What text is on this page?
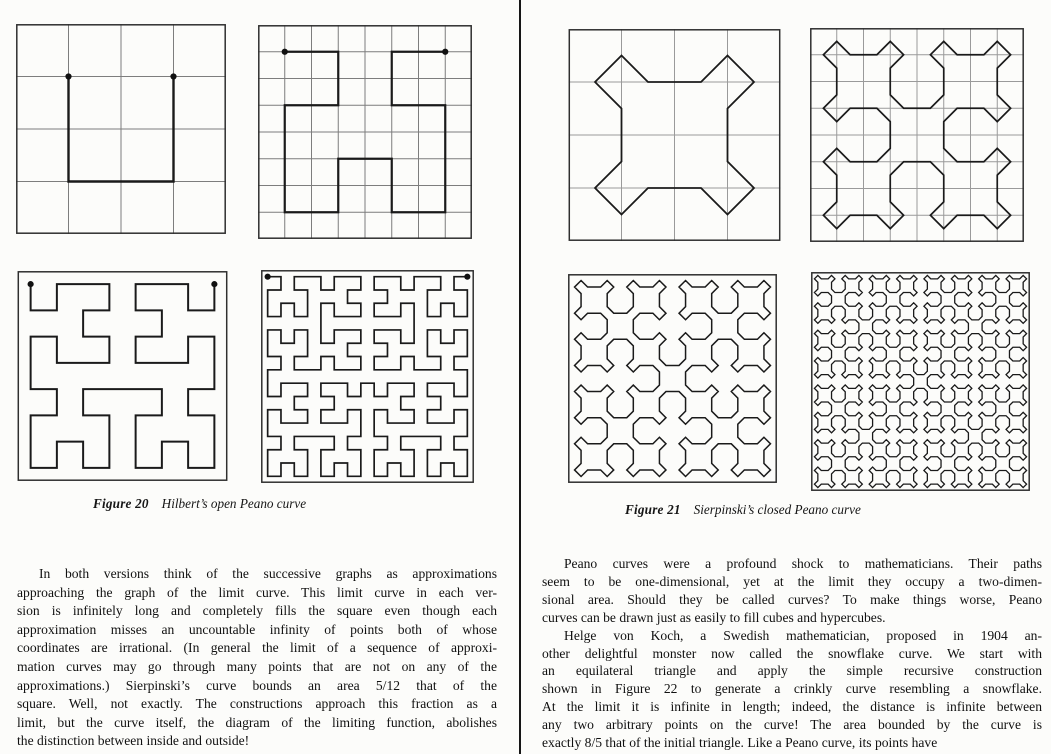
Figure 20 Hilbert’s open Peano curve
In both versions think of the successive graphs as approximations
approaching the graph of the limit curve. This limit curve in each ver-
sion is infinitely long and completely fills the square even though each
approximation misses an uncountable infinity of points both of whose
coordinates are irrational. (In general the limit of a sequence of approxi-
mation curves may go through many points that are not on any of the
approximations.) Sierpinski’s curve bounds an area 5/12 that of the
square. Well, not exactly. The constructions approach this fraction as a
limit, but the curve itself, the diagram of the limiting function, abolishes
the distinction between inside and outside!
Figure 21 Sierpinski’s closed Peano curve
Peano curves were a profound shock to mathematicians. Their paths
seem to be one-dimensional, yet at the limit they occupy a two-dimen-
sional area. Should they be called curves? To make things worse, Peano
curves can be drawn just as easily to fill cubes and hypercubes.
Helge von Koch, a Swedish mathematician, proposed in 1904 an-
other delightful monster now called the snowflake curve. We start with
an equilateral triangle and apply the simple recursive construction
shown in Figure 22 to generate a crinkly curve resembling a snowflake.
At the limit it is infinite in length; indeed, the distance is infinite between
any two arbitrary points on the curve! The area bounded by the curve is
exactly 8/5 that of the initial triangle. Like a Peano curve, its points have
